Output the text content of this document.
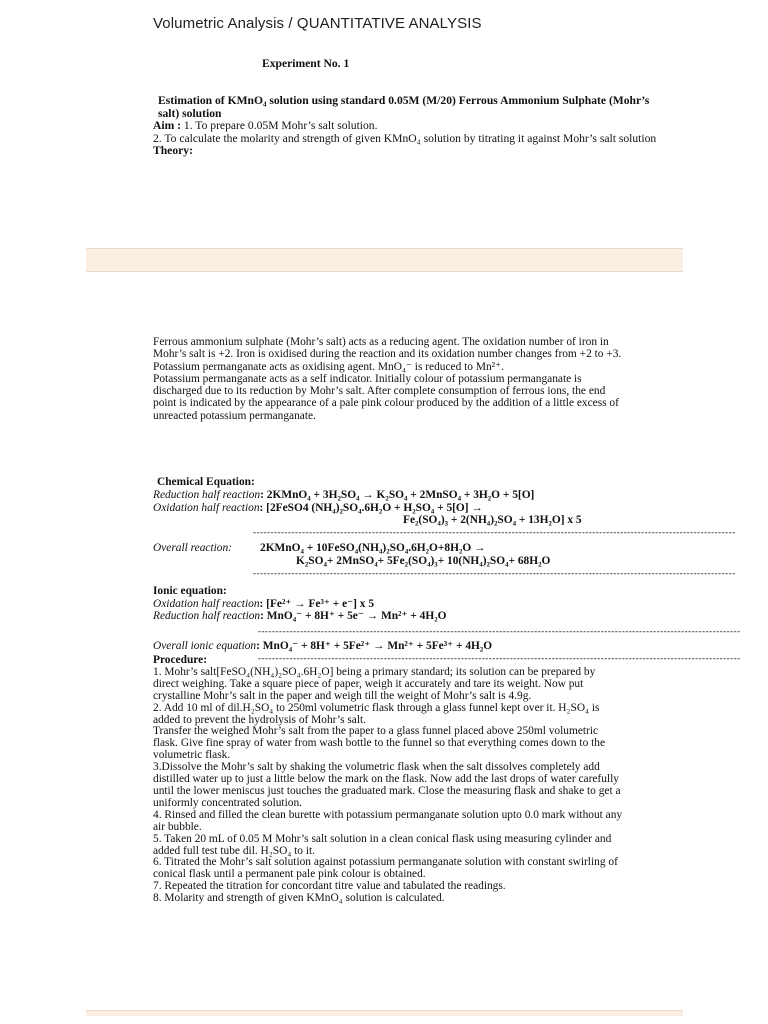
Volumetric Analysis / QUANTITATIVE ANALYSIS
Experiment No. 1
Estimation of KMnO₄ solution using standard 0.05M (M/20) Ferrous Ammonium Sulphate (Mohr’s salt) solution
Aim : 1. To prepare 0.05M Mohr’s salt solution.
2. To calculate the molarity and strength of given KMnO₄ solution by titrating it against Mohr’s salt solution
Theory:
Ferrous ammonium sulphate (Mohr’s salt) acts as a reducing agent. The oxidation number of iron in Mohr’s salt is +2. Iron is oxidised during the reaction and its oxidation number changes from +2 to +3.
Potassium permanganate acts as oxidising agent. MnO₄⁻ is reduced to Mn²⁺.
Potassium permanganate acts as a self indicator. Initially colour of potassium permanganate is discharged due to its reduction by Mohr’s salt. After complete consumption of ferrous ions, the end point is indicated by the appearance of a pale pink colour produced by the addition of a little excess of unreacted potassium permanganate.
Chemical Equation:
Reduction half reaction: 2KMnO₄ + 3H₂SO₄ → K₂SO₄ + 2MnSO₄ + 3H₂O + 5[O]
Oxidation half reaction: [2FeSO4 (NH₄)₂SO₄.6H₂O + H₂SO₄ + 5[O] →
Fe₂(SO₄)₃ + 2(NH₄)₂SO₄ + 13H₂O] x 5
------------------------------------------------------------------------------------------------------------------------------------------
Overall reaction: 2KMnO₄ + 10FeSO₄(NH₄)₂SO₄.6H₂O+8H₂O →
K₂SO₄+ 2MnSO₄+ 5Fe₂(SO₄)₃+ 10(NH₄)₂SO₄+ 68H₂O
------------------------------------------------------------------------------------------------------------------------------------------
Ionic equation:
Oxidation half reaction: [Fe²⁺ → Fe³⁺ + e⁻] x 5
Reduction half reaction: MnO₄⁻ + 8H⁺ + 5e⁻ → Mn²⁺ + 4H₂O
------------------------------------------------------------------------------------------------------------------------------------------
Overall ionic equation: MnO₄⁻ + 8H⁺ + 5Fe²⁺ → Mn²⁺ + 5Fe³⁺ + 4H₂O
------------------------------------------------------------------------------------------------------------------------------------------
Procedure:
1. Mohr’s salt[FeSO₄(NH₄)₂SO₄.6H₂O] being a primary standard; its solution can be prepared by direct weighing. Take a square piece of paper, weigh it accurately and tare its weight. Now put crystalline Mohr’s salt in the paper and weigh till the weight of Mohr’s salt is 4.9g.
2. Add 10 ml of dil.H₂SO₄ to 250ml volumetric flask through a glass funnel kept over it. H₂SO₄ is added to prevent the hydrolysis of Mohr’s salt.
Transfer the weighed Mohr’s salt from the paper to a glass funnel placed above 250ml volumetric flask. Give fine spray of water from wash bottle to the funnel so that everything comes down to the volumetric flask.
3.Dissolve the Mohr’s salt by shaking the volumetric flask when the salt dissolves completely add distilled water up to just a little below the mark on the flask. Now add the last drops of water carefully until the lower meniscus just touches the graduated mark. Close the measuring flask and shake to get a uniformly concentrated solution.
4. Rinsed and filled the clean burette with potassium permanganate solution upto 0.0 mark without any air bubble.
5. Taken 20 mL of 0.05 M Mohr’s salt solution in a clean conical flask using measuring cylinder and added full test tube dil. H₂SO₄ to it.
6. Titrated the Mohr’s salt solution against potassium permanganate solution with constant swirling of conical flask until a permanent pale pink colour is obtained.
7. Repeated the titration for concordant titre value and tabulated the readings.
8. Molarity and strength of given KMnO₄ solution is calculated.
